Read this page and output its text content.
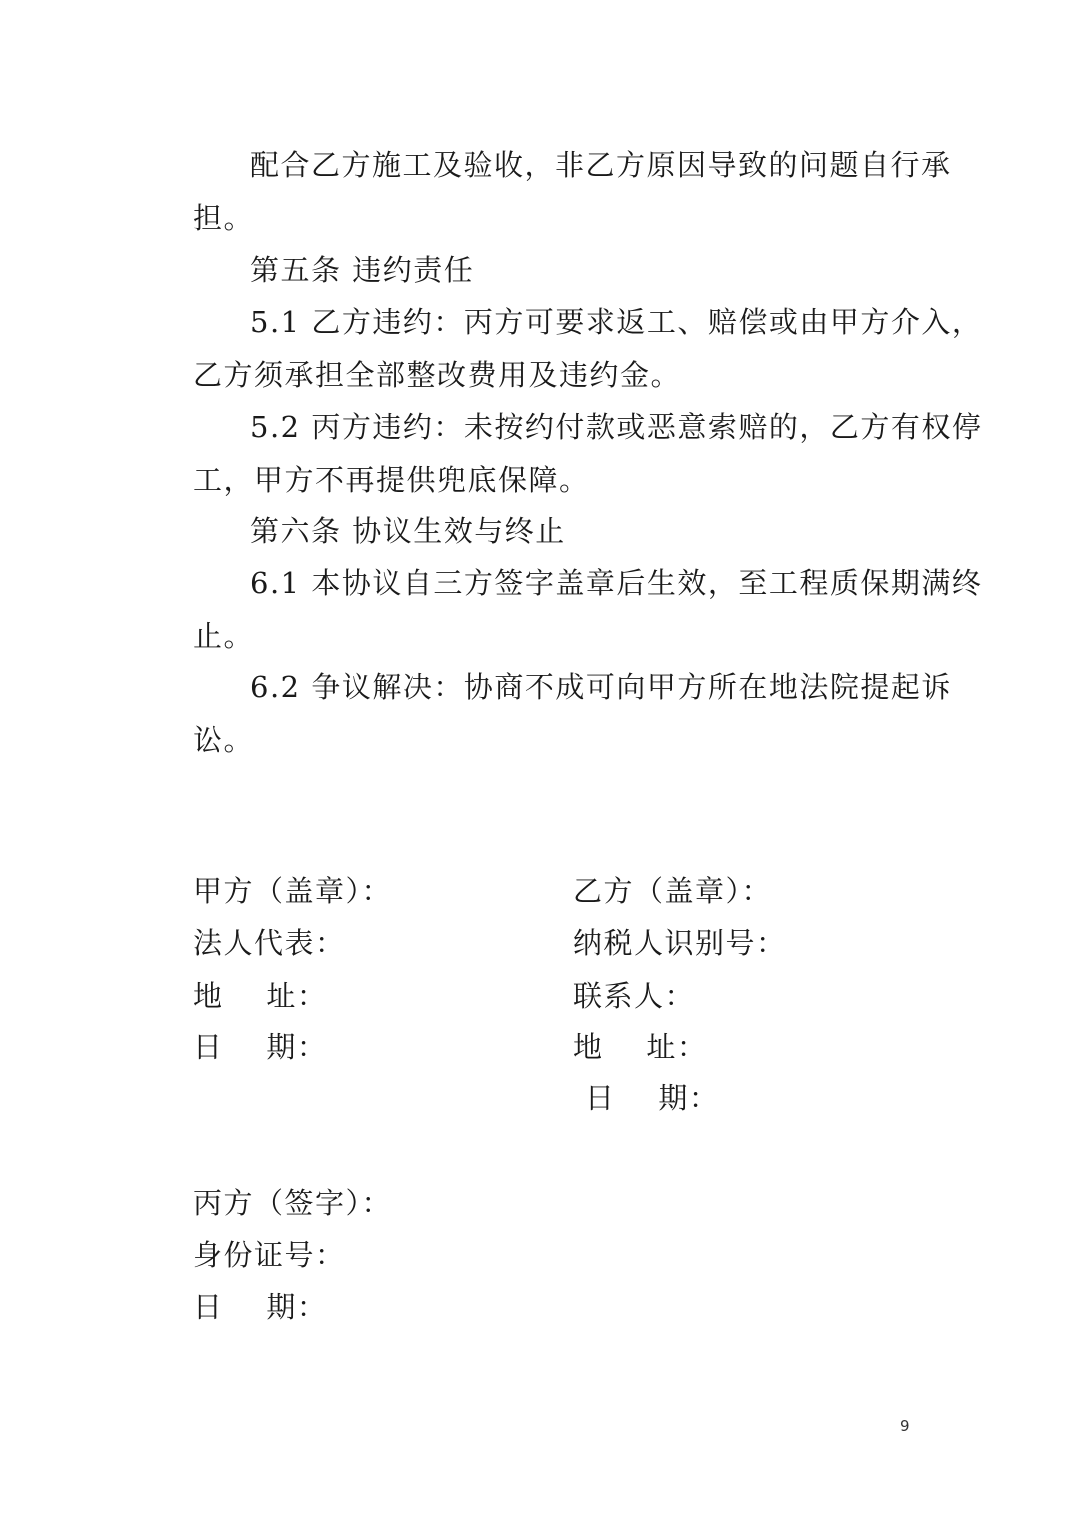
配合乙方施工及验收，非乙方原因导致的问题自行承
担。
第五条 违约责任
5.1 乙方违约：丙方可要求返工、赔偿或由甲方介入，
乙方须承担全部整改费用及违约金。
5.2 丙方违约：未按约付款或恶意索赔的，乙方有权停
工，甲方不再提供兜底保障。
第六条 协议生效与终止
6.1 本协议自三方签字盖章后生效，至工程质保期满终
止。
6.2 争议解决：协商不成可向甲方所在地法院提起诉
讼。
甲方（盖章）：
法人代表：
地    址：
日    期：
乙方（盖章）：
纳税人识别号：
联系人：
地    址：
日    期：
丙方（签字）：
身份证号：
日    期：
9
